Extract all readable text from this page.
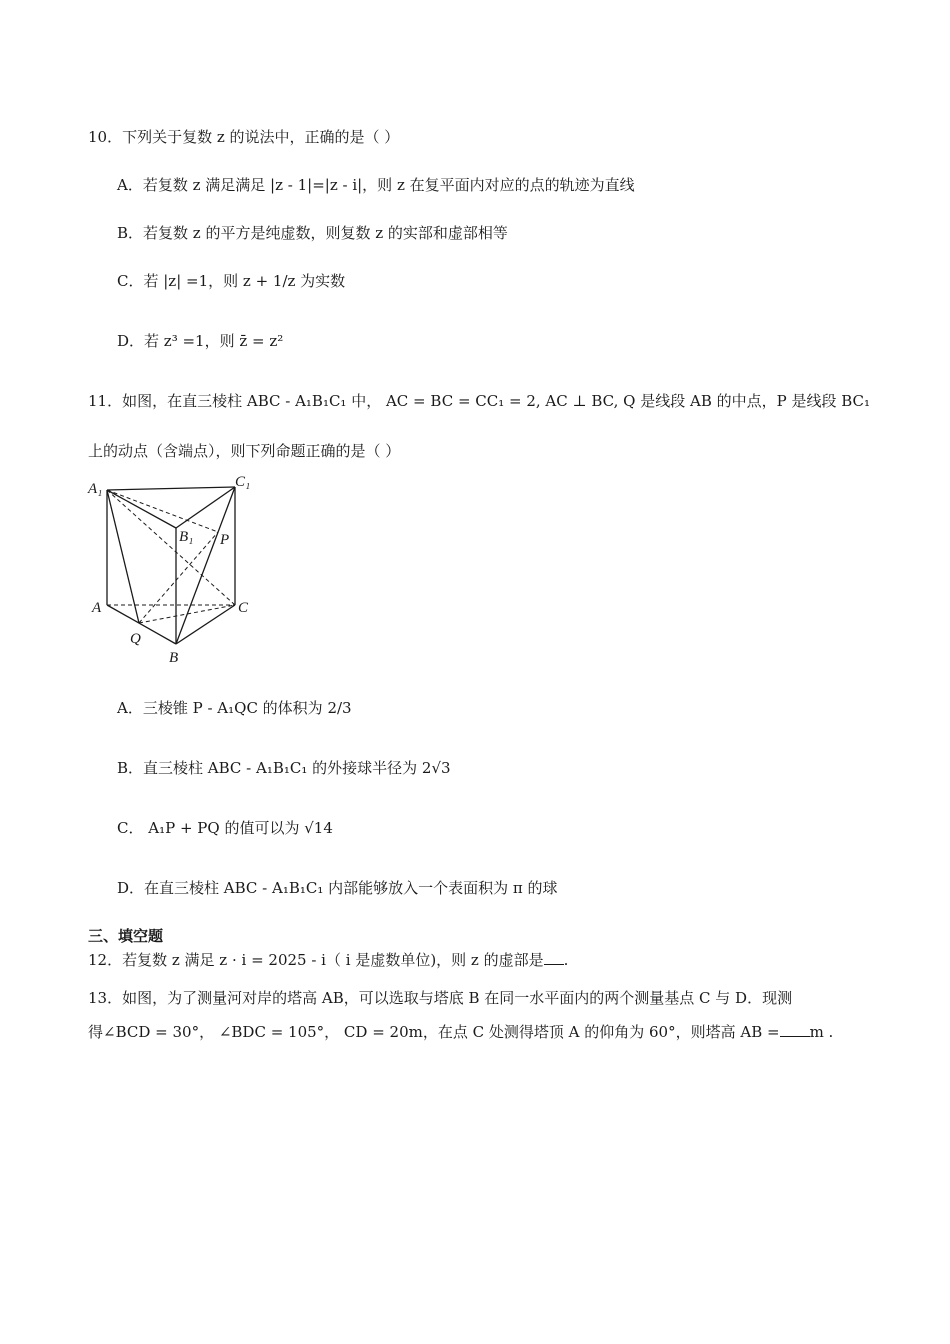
10．下列关于复数 z 的说法中，正确的是（ ）
A．若复数 z 满足满足 |z - 1|=|z - i|，则 z 在复平面内对应的点的轨迹为直线
B．若复数 z 的平方是纯虚数，则复数 z 的实部和虚部相等
C．若 |z| =1，则 z + 1/z 为实数
D．若 z³ =1，则 z̄ = z²
11．如图，在直三棱柱 ABC - A₁B₁C₁ 中， AC = BC = CC₁ = 2, AC ⊥ BC, Q 是线段 AB 的中点，P 是线段 BC₁
上的动点（含端点），则下列命题正确的是（ ）
A₁	C₁
B₁ P
A	C
Q
B
A．三棱锥 P - A₁QC 的体积为 2/3
B．直三棱柱 ABC - A₁B₁C₁ 的外接球半径为 2√3
C． A₁P + PQ 的值可以为 √14
D．在直三棱柱 ABC - A₁B₁C₁ 内部能够放入一个表面积为 π 的球
三、填空题
12．若复数 z 满足 z · i = 2025 - i（ i 是虚数单位)，则 z 的虚部是 .
13．如图，为了测量河对岸的塔高 AB，可以选取与塔底 B 在同一水平面内的两个测量基点 C 与 D．现测
得∠BCD = 30°， ∠BDC = 105°， CD = 20m，在点 C 处测得塔顶 A 的仰角为 60°，则塔高 AB = m .
